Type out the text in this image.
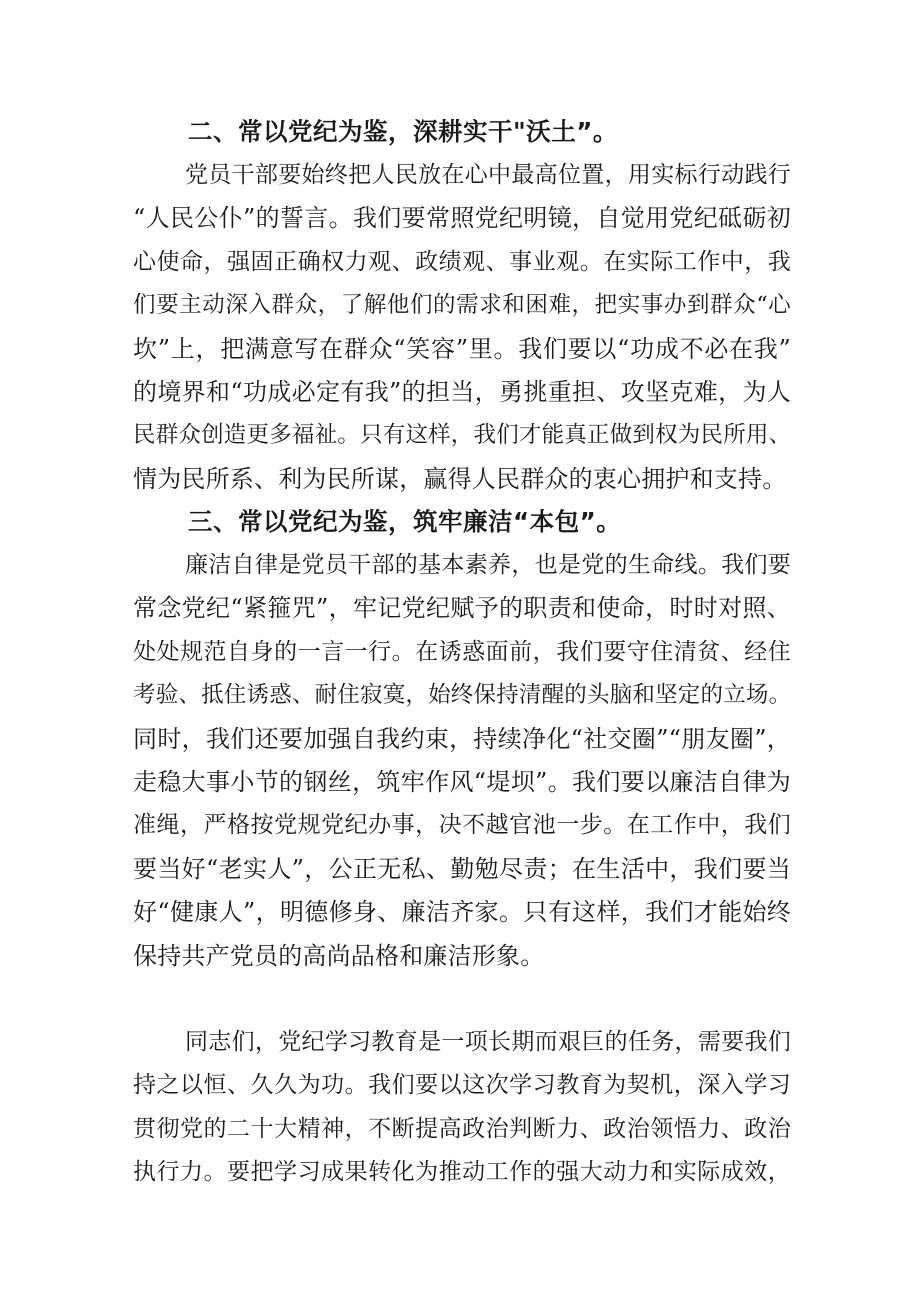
二、常以党纪为鉴，深耕实干"沃土”。
党员干部要始终把人民放在心中最高位置，用实标行动践行
“人民公仆”的誓言。我们要常照党纪明镜，自觉用党纪砥砺初
心使命，强固正确权力观、政绩观、事业观。在实际工作中，我
们要主动深入群众，了解他们的需求和困难，把实事办到群众“心
坎”上，把满意写在群众“笑容”里。我们要以“功成不必在我”
的境界和“功成必定有我”的担当，勇挑重担、攻坚克难，为人
民群众创造更多福祉。只有这样，我们才能真正做到权为民所用、
情为民所系、利为民所谋，赢得人民群众的衷心拥护和支持。
三、常以党纪为鉴，筑牢廉洁“本包”。
廉洁自律是党员干部的基本素养，也是党的生命线。我们要
常念党纪“紧箍咒”，牢记党纪赋予的职责和使命，时时对照、
处处规范自身的一言一行。在诱惑面前，我们要守住清贫、经住
考验、抵住诱惑、耐住寂寞，始终保持清醒的头脑和坚定的立场。
同时，我们还要加强自我约束，持续净化“社交圈”“朋友圈”，
走稳大事小节的钢丝，筑牢作风“堤坝”。我们要以廉洁自律为
准绳，严格按党规党纪办事，决不越官池一步。在工作中，我们
要当好“老实人”，公正无私、勤勉尽责；在生活中，我们要当
好“健康人”，明德修身、廉洁齐家。只有这样，我们才能始终
保持共产党员的高尚品格和廉洁形象。
同志们，党纪学习教育是一项长期而艰巨的任务，需要我们
持之以恒、久久为功。我们要以这次学习教育为契机，深入学习
贯彻党的二十大精神，不断提高政治判断力、政治领悟力、政治
执行力。要把学习成果转化为推动工作的强大动力和实际成效，
